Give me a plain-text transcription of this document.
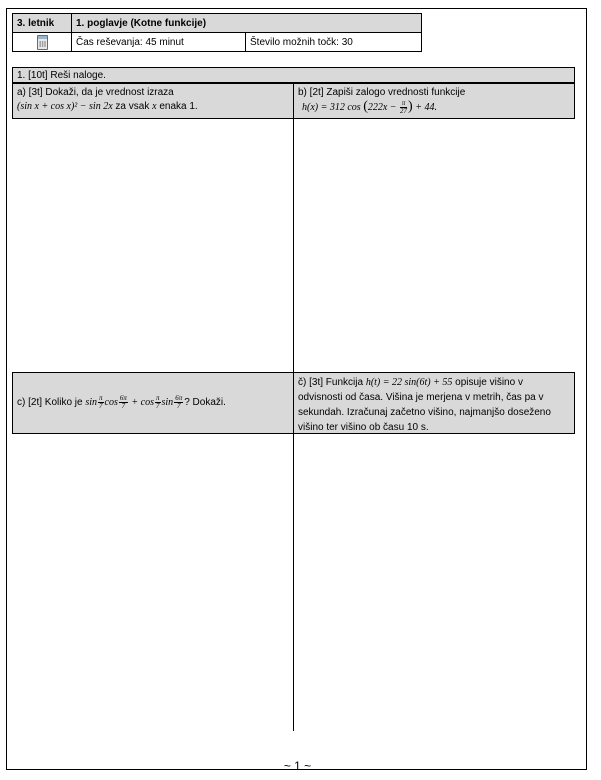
~ 1 ~
3. letnik	1. poglavje (Kotne funkcije)	
	Čas reševanja: 45 minut	Število možnih točk: 30
1. [10t] Reši naloge.
a) [3t] Dokaži, da je vrednost izraza
(sin x + cos x)² − sin 2x za vsak x enaka 1.
b) [2t] Zapiši zalogo vrednosti funkcije
h(x) = 312 $\cos (222x - \frac{\pi}{27}$ ) + 44.
c) [2t] Koliko je $\sin \frac{\pi}{7}$ $\cos \frac{6\pi}{7} + \cos \frac{\pi}{7}$ $\sin \frac{6\pi}{7}$ ? Dokaži.
č) [3t] Funkcija h(t) = 22 sin(6t) + 55 opisuje višino v odvisnosti od časa. Višina je merjena v metrih, čas pa v sekundah. Izračunaj začetno višino, najmanjšo doseženo višino ter višino ob času 10 s.
